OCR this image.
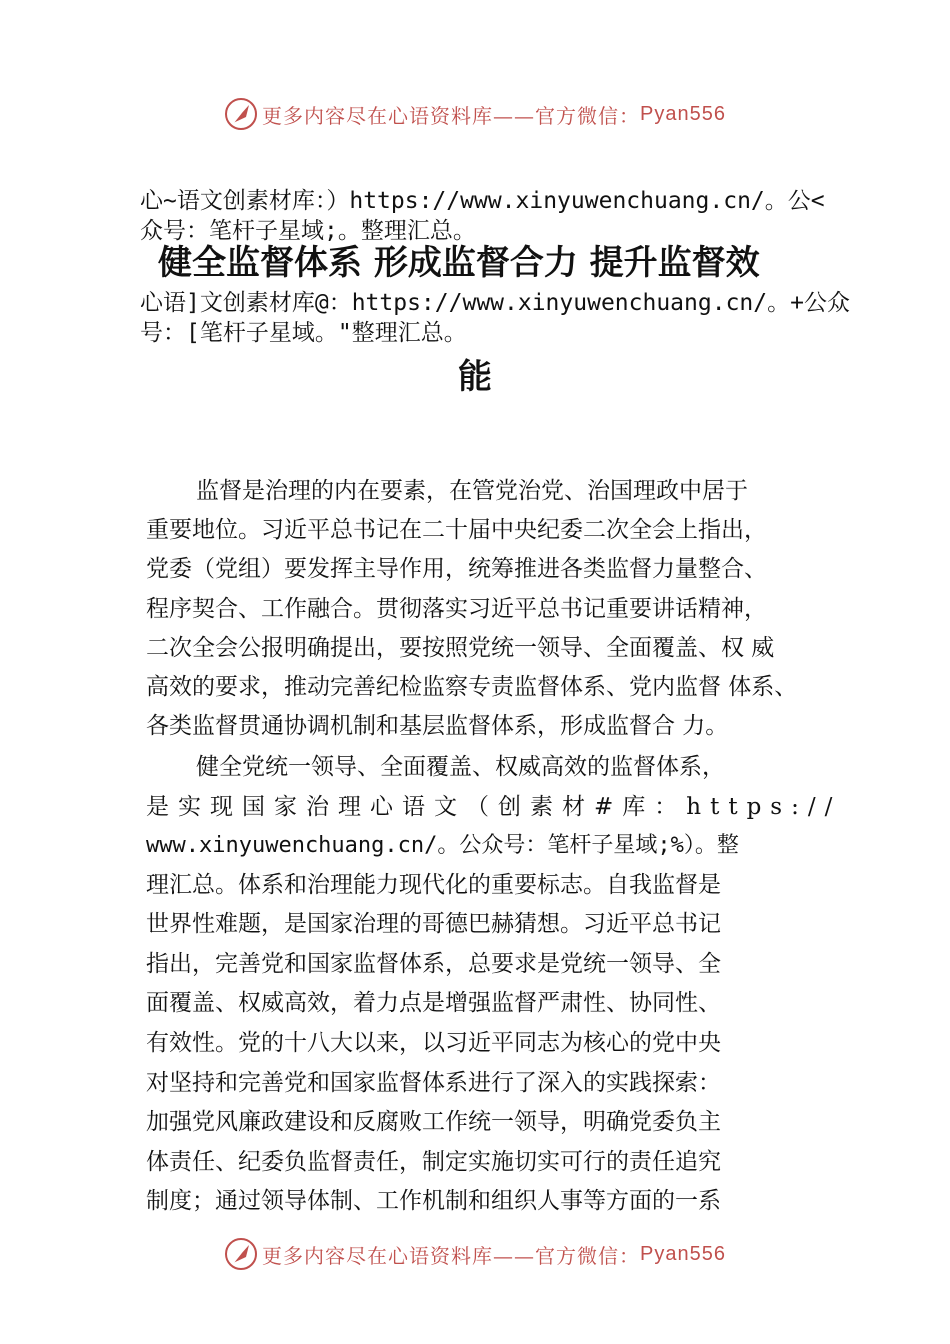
更多内容尽在心语资料库——官方微信： Pyan556
心~语文创素材库：）https://www.xinyuwenchuang.cn/。公<
众号：笔杆子星域;。整理汇总。
健全监督体系 形成监督合力 提升监督效
心语]文创素材库@：https://www.xinyuwenchuang.cn/。+公众
号：[笔杆子星域。"整理汇总。
能
监督是治理的内在要素，在管党治党、治国理政中居于
重要地位。习近平总书记在二十届中央纪委二次全会上指出，
党委（党组）要发挥主导作用，统筹推进各类监督力量整合、
程序契合、工作融合。贯彻落实习近平总书记重要讲话精神，
二次全会公报明确提出，要按照党统一领导、全面覆盖、权 威
高效的要求，推动完善纪检监察专责监督体系、党内监督 体系、
各类监督贯通协调机制和基层监督体系，形成监督合 力。
健全党统一领导、全面覆盖、权威高效的监督体系，
是实现国家治理心语文（创素材#库：https://
www.xinyuwenchuang.cn/。公众号：笔杆子星域;%）。整
理汇总。体系和治理能力现代化的重要标志。自我监督是
世界性难题，是国家治理的哥德巴赫猜想。习近平总书记
指出，完善党和国家监督体系，总要求是党统一领导、全
面覆盖、权威高效，着力点是增强监督严肃性、协同性、
有效性。党的十八大以来，以习近平同志为核心的党中央
对坚持和完善党和国家监督体系进行了深入的实践探索：
加强党风廉政建设和反腐败工作统一领导，明确党委负主
体责任、纪委负监督责任，制定实施切实可行的责任追究
制度；通过领导体制、工作机制和组织人事等方面的一系
更多内容尽在心语资料库——官方微信： Pyan556
